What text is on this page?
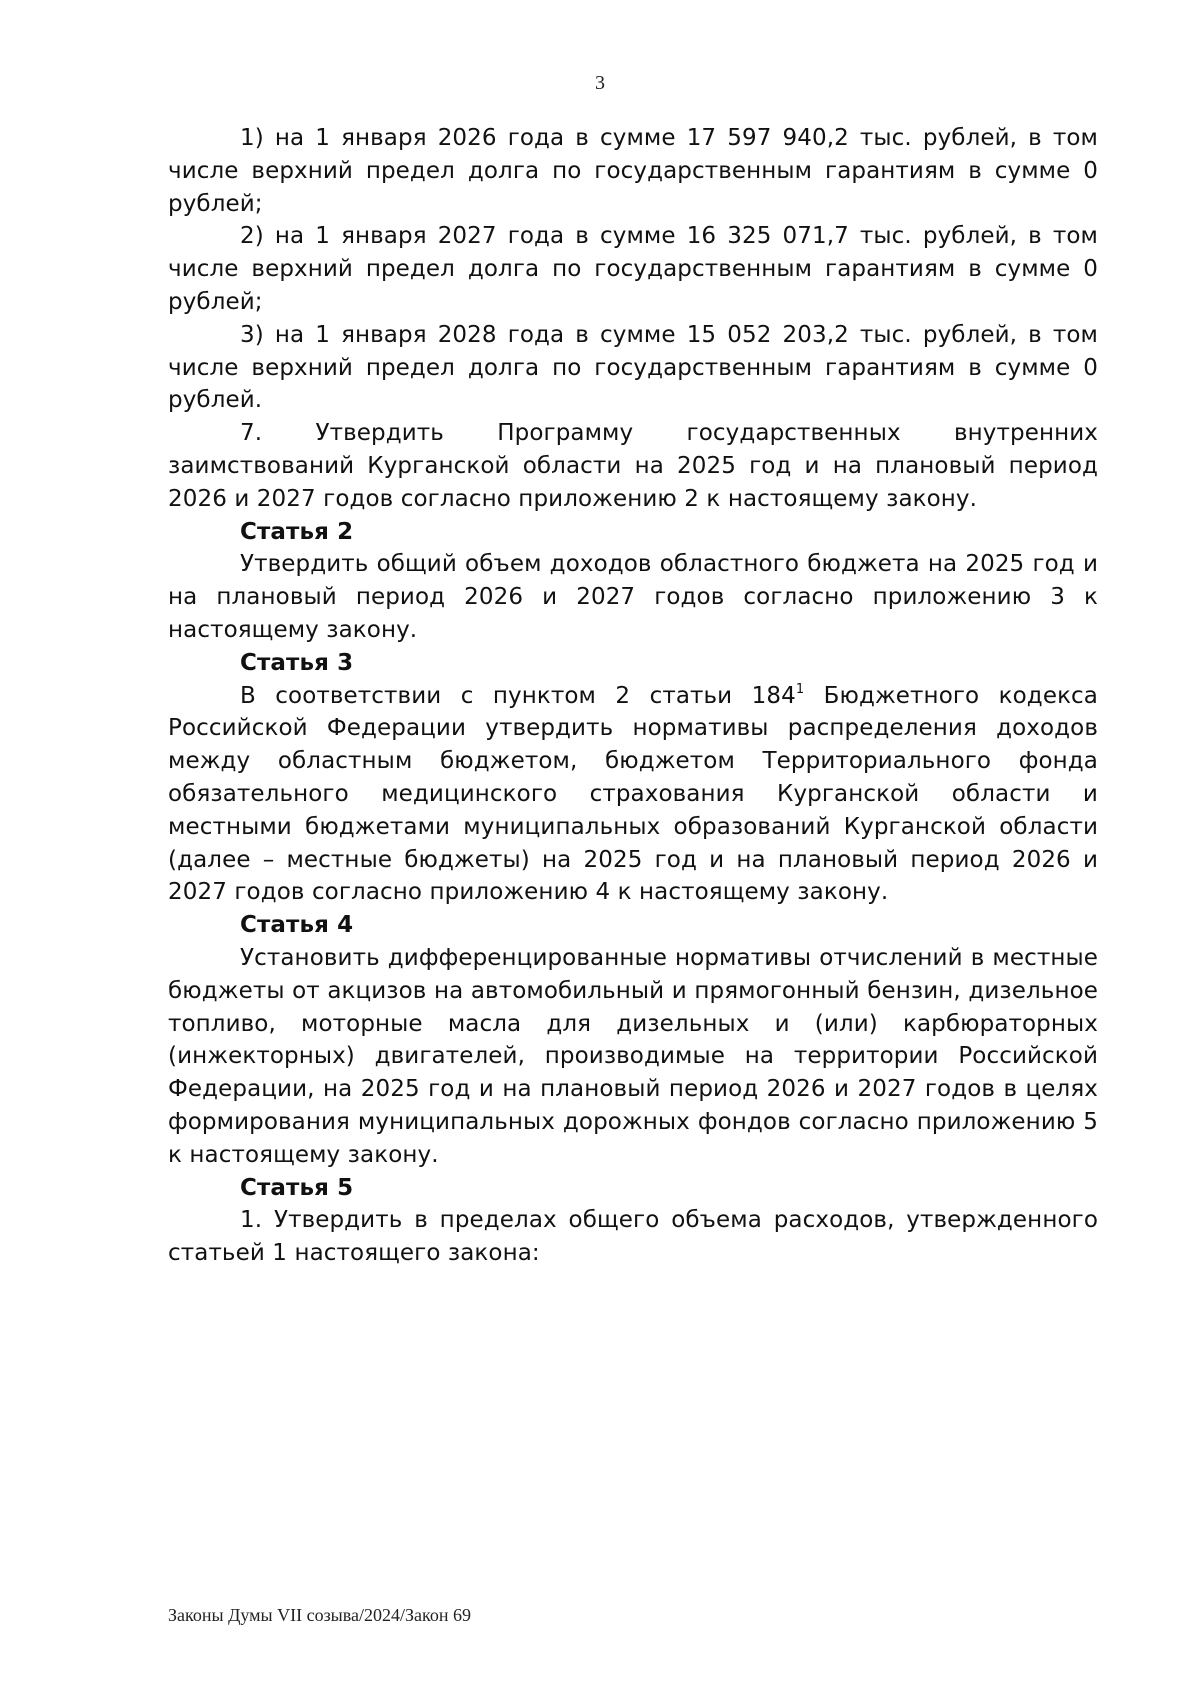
3

1) на 1 января 2026 года в сумме 17 597 940,2 тыс. рублей, в том числе верхний предел долга по государственным гарантиям в сумме 0 рублей;

2) на 1 января 2027 года в сумме 16 325 071,7 тыс. рублей, в том числе верхний предел долга по государственным гарантиям в сумме 0 рублей;

3) на 1 января 2028 года в сумме 15 052 203,2 тыс. рублей, в том числе верхний предел долга по государственным гарантиям в сумме 0 рублей.

7. Утвердить Программу государственных внутренних заимствований Курганской области на 2025 год и на плановый период 2026 и 2027 годов согласно приложению 2 к настоящему закону.

Статья 2

Утвердить общий объем доходов областного бюджета на 2025 год и на плановый период 2026 и 2027 годов согласно приложению 3 к настоящему закону.

Статья 3

В соответствии с пунктом 2 статьи $184^1$ Бюджетного кодекса Российской Федерации утвердить нормативы распределения доходов между областным бюджетом, бюджетом Территориального фонда обязательного медицинского страхования Курганской области и местными бюджетами муниципальных образований Курганской области (далее – местные бюджеты) на 2025 год и на плановый период 2026 и 2027 годов согласно приложению 4 к настоящему закону.

Статья 4

Установить дифференцированные нормативы отчислений в местные бюджеты от акцизов на автомобильный и прямогонный бензин, дизельное топливо, моторные масла для дизельных и (или) карбюраторных (инжекторных) двигателей, производимые на территории Российской Федерации, на 2025 год и на плановый период 2026 и 2027 годов в целях формирования муниципальных дорожных фондов согласно приложению 5 к настоящему закону.

Статья 5

1. Утвердить в пределах общего объема расходов, утвержденного статьей 1 настоящего закона:

Законы Думы VII созыва/2024/Закон 69
